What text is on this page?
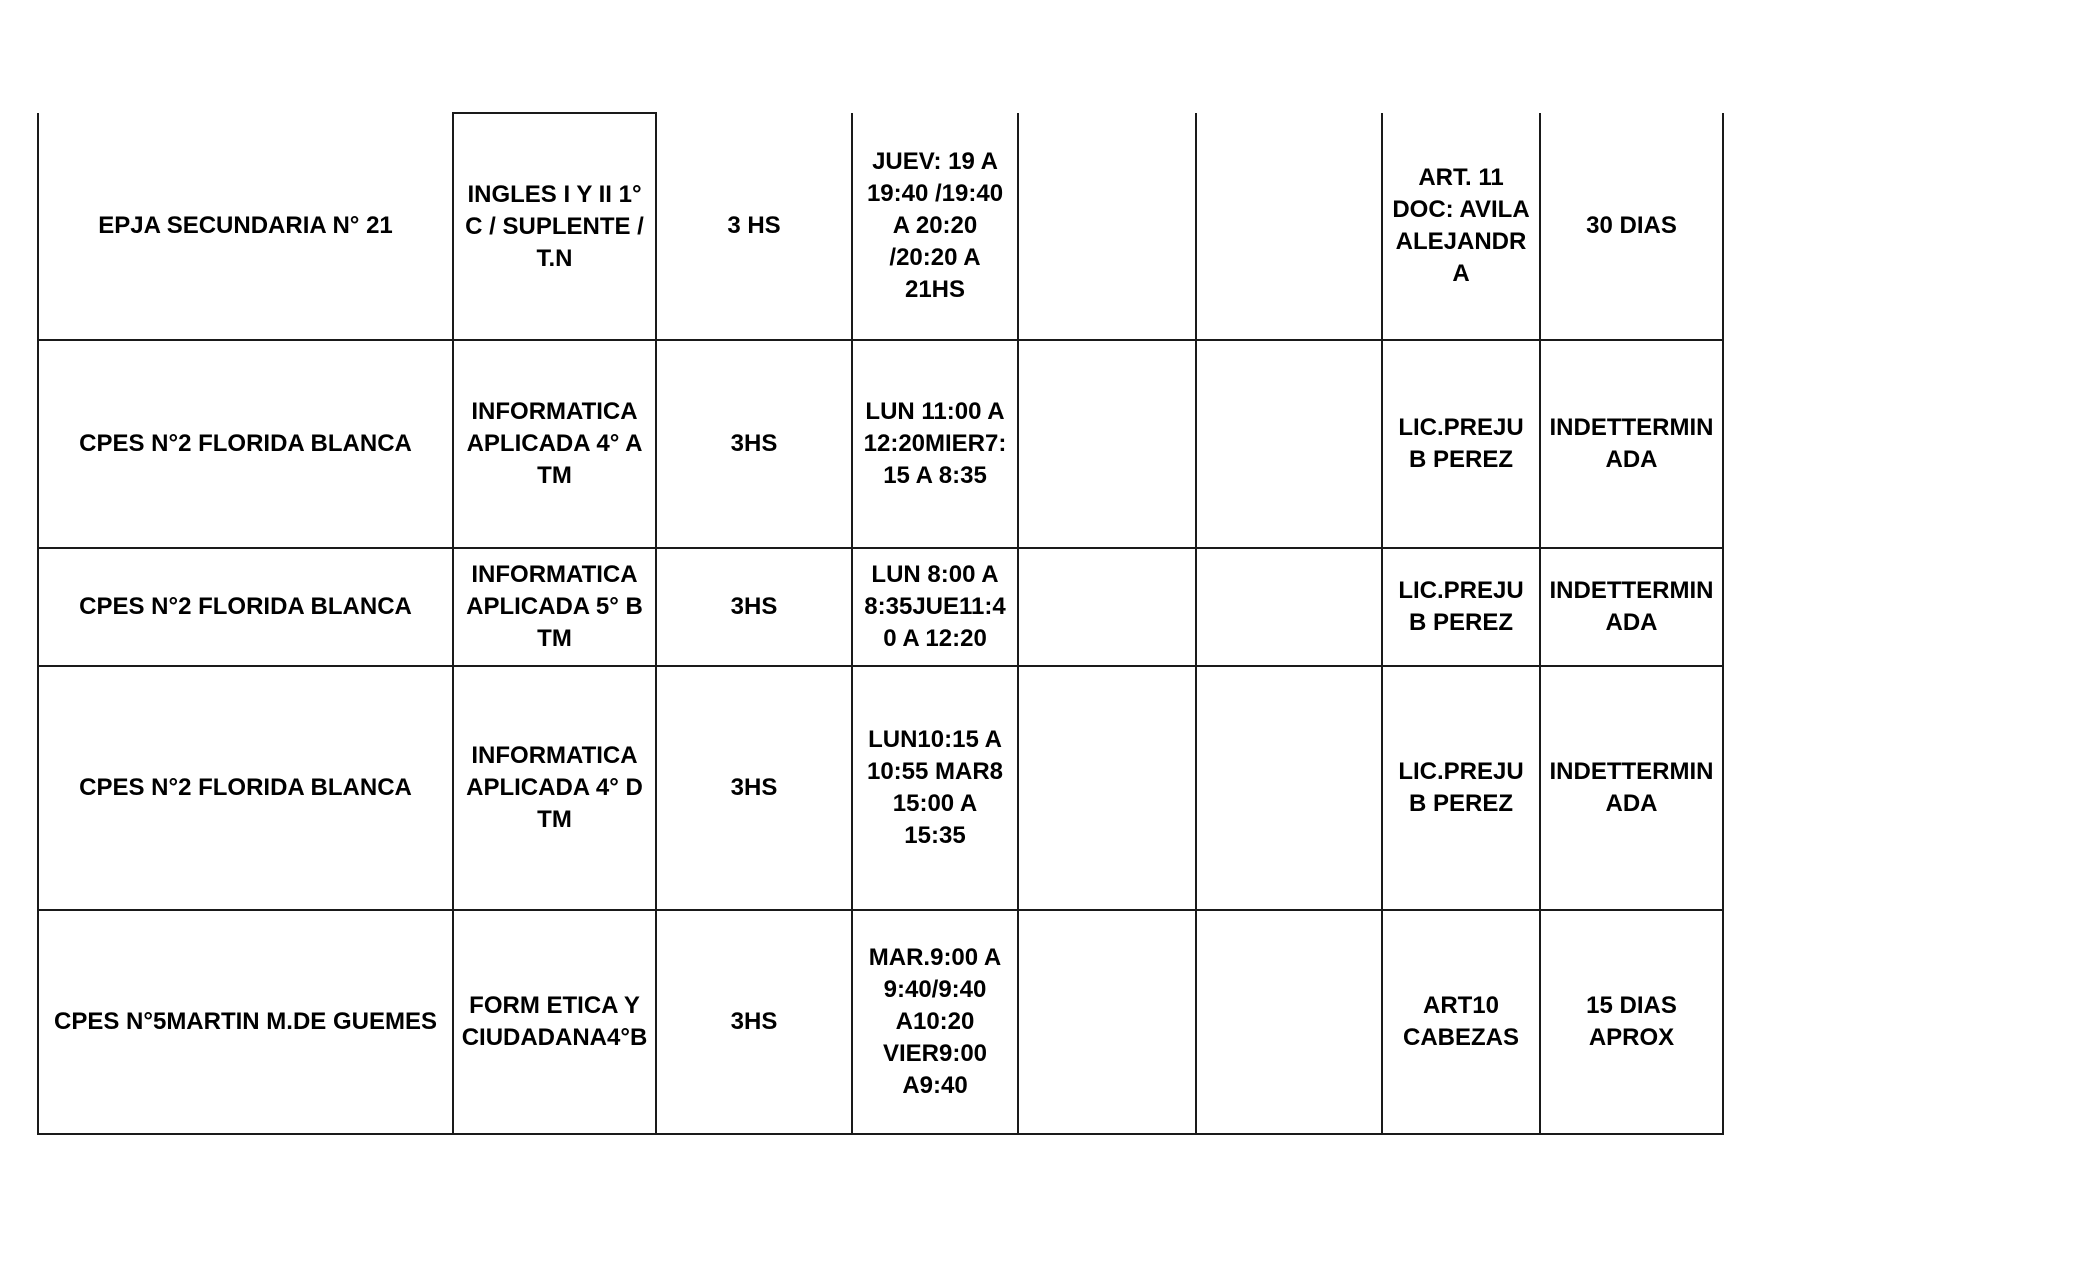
EPJA SECUNDARIA N° 21	INGLES I Y II 1°
C / SUPLENTE /
T.N	3 HS	JUEV: 19 A
19:40 /19:40
A 20:20
/20:20 A
21HS			ART. 11
DOC: AVILA
ALEJANDR
A	30 DIAS
CPES N°2 FLORIDA BLANCA	INFORMATICA
APLICADA 4° A
TM	3HS	LUN 11:00 A
12:20MIER7:
15 A 8:35			LIC.PREJU
B PEREZ	INDETTERMIN
ADA
CPES N°2 FLORIDA BLANCA	INFORMATICA
APLICADA 5° B
TM	3HS	LUN 8:00 A
8:35JUE11:4
0 A 12:20			LIC.PREJU
B PEREZ	INDETTERMIN
ADA
CPES N°2 FLORIDA BLANCA	INFORMATICA
APLICADA 4° D
TM	3HS	LUN10:15 A
10:55 MAR8
15:00 A
15:35			LIC.PREJU
B PEREZ	INDETTERMIN
ADA
CPES N°5MARTIN M.DE GUEMES	FORM ETICA Y
CIUDADANA4°B	3HS	MAR.9:00 A
9:40/9:40
A10:20
VIER9:00
A9:40			ART10
CABEZAS	15 DIAS
APROX
